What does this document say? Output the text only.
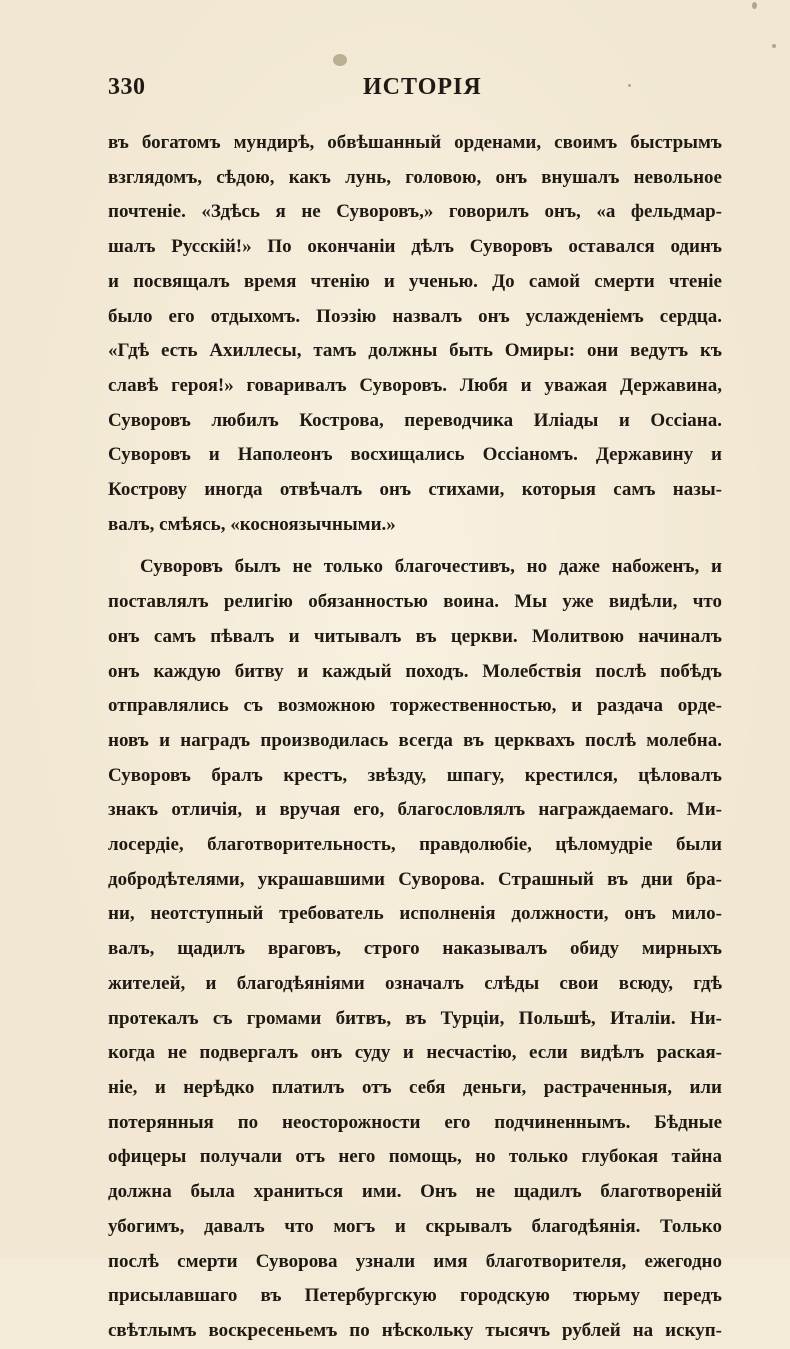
330	ИСТОРІЯ

въ богатомъ мундирѣ, обвѣшанный орденами, своимъ быстрымъ
взглядомъ, сѣдою, какъ лунь, головою, онъ внушалъ невольное
почтеніе. «Здѣсь я не Суворовъ,» говорилъ онъ, «а фельдмар-
шалъ Русскій!» По окончаніи дѣлъ Суворовъ оставался одинъ
и посвящалъ время чтенію и ученью. До самой смерти чтеніе
было его отдыхомъ. Поэзію назвалъ онъ услажденіемъ сердца.
«Гдѣ есть Ахиллесы, тамъ должны быть Омиры: они ведутъ къ
славѣ героя!» говаривалъ Суворовъ. Любя и уважая Державина,
Суворовъ любилъ Кострова, переводчика Иліады и Оссіана.
Суворовъ и Наполеонъ восхищались Оссіаномъ. Державину и
Кострову иногда отвѣчалъ онъ стихами, которыя самъ назы-
валъ, смѣясь, «косноязычными.»

Суворовъ былъ не только благочестивъ, но даже набоженъ, и
поставлялъ религію обязанностью воина. Мы уже видѣли, что
онъ самъ пѣвалъ и читывалъ въ церкви. Молитвою начиналъ
онъ каждую битву и каждый походъ. Молебствія послѣ побѣдъ
отправлялись съ возможною торжественностью, и раздача орде-
новъ и наградъ производилась всегда въ церквахъ послѣ молебна.
Суворовъ бралъ крестъ, звѣзду, шпагу, крестился, цѣловалъ
знакъ отличія, и вручая его, благословлялъ награждаемаго. Ми-
лосердіе, благотворительность, правдолюбіе, цѣломудріе были
добродѣтелями, украшавшими Суворова. Страшный въ дни бра-
ни, неотступный требователь исполненія должности, онъ мило-
валъ, щадилъ враговъ, строго наказывалъ обиду мирныхъ
жителей, и благодѣяніями означалъ слѣды свои всюду, гдѣ
протекалъ съ громами битвъ, въ Турціи, Польшѣ, Италіи. Ни-
когда не подвергалъ онъ суду и несчастію, если видѣлъ раская-
ніе, и нерѣдко платилъ отъ себя деньги, растраченныя, или
потерянныя по неосторожности его подчиненнымъ. Бѣдные
офицеры получали отъ него помощь, но только глубокая тайна
должна была храниться ими. Онъ не щадилъ благотвореній
убогимъ, давалъ что могъ и скрывалъ благодѣянія. Только
послѣ смерти Суворова узнали имя благотворителя, ежегодно
присылавшаго въ Петербургскую городскую тюрьму передъ
свѣтлымъ воскресеньемъ по нѣскольку тысячъ рублей на искуп-
